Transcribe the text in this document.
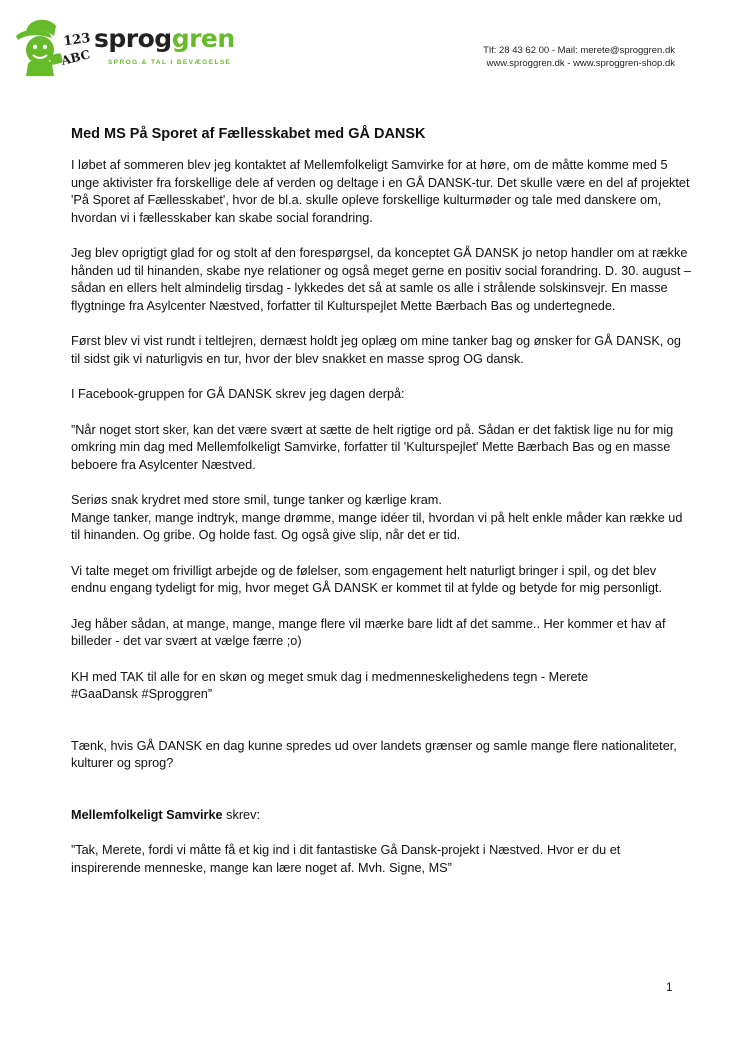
123
ABC
sproggren
SPROG & TAL I BEVÆGELSE
Tlf: 28 43 62 00 - Mail: merete@sproggren.dk
www.sproggren.dk - www.sproggren-shop.dk
Med MS På Sporet af Fællesskabet med GÅ DANSK

I løbet af sommeren blev jeg kontaktet af Mellemfolkeligt Samvirke for at høre, om de måtte komme med 5 unge aktivister fra forskellige dele af verden og deltage i en GÅ DANSK-tur. Det skulle være en del af projektet 'På Sporet af Fællesskabet', hvor de bl.a. skulle opleve forskellige kulturmøder og tale med danskere om, hvordan vi i fællesskaber kan skabe social forandring.

Jeg blev oprigtigt glad for og stolt af den forespørgsel, da konceptet GÅ DANSK jo netop handler om at række hånden ud til hinanden, skabe nye relationer og også meget gerne en positiv social forandring. D. 30. august – sådan en ellers helt almindelig tirsdag - lykkedes det så at samle os alle i strålende solskinsvejr. En masse flygtninge fra Asylcenter Næstved, forfatter til Kulturspejlet Mette Bærbach Bas og undertegnede.

Først blev vi vist rundt i teltlejren, dernæst holdt jeg oplæg om mine tanker bag og ønsker for GÅ DANSK, og til sidst gik vi naturligvis en tur, hvor der blev snakket en masse sprog OG dansk.

I Facebook-gruppen for GÅ DANSK skrev jeg dagen derpå:

”Når noget stort sker, kan det være svært at sætte de helt rigtige ord på. Sådan er det faktisk lige nu for mig omkring min dag med Mellemfolkeligt Samvirke, forfatter til 'Kulturspejlet' Mette Bærbach Bas og en masse beboere fra Asylcenter Næstved.

Seriøs snak krydret med store smil, tunge tanker og kærlige kram.
Mange tanker, mange indtryk, mange drømme, mange idéer til, hvordan vi på helt enkle måder kan række ud til hinanden. Og gribe. Og holde fast. Og også give slip, når det er tid.

Vi talte meget om frivilligt arbejde og de følelser, som engagement helt naturligt bringer i spil, og det blev endnu engang tydeligt for mig, hvor meget GÅ DANSK er kommet til at fylde og betyde for mig personligt.

Jeg håber sådan, at mange, mange, mange flere vil mærke bare lidt af det samme.. Her kommer et hav af billeder - det var svært at vælge færre ;o)

KH med TAK til alle for en skøn og meget smuk dag i medmenneskelighedens tegn - Merete
#GaaDansk #Sproggren”

Tænk, hvis GÅ DANSK en dag kunne spredes ud over landets grænser og samle mange flere nationaliteter, kulturer og sprog?

Mellemfolkeligt Samvirke skrev:

”Tak, Merete, fordi vi måtte få et kig ind i dit fantastiske Gå Dansk-projekt i Næstved. Hvor er du et inspirerende menneske, mange kan lære noget af. Mvh. Signe, MS”

1
